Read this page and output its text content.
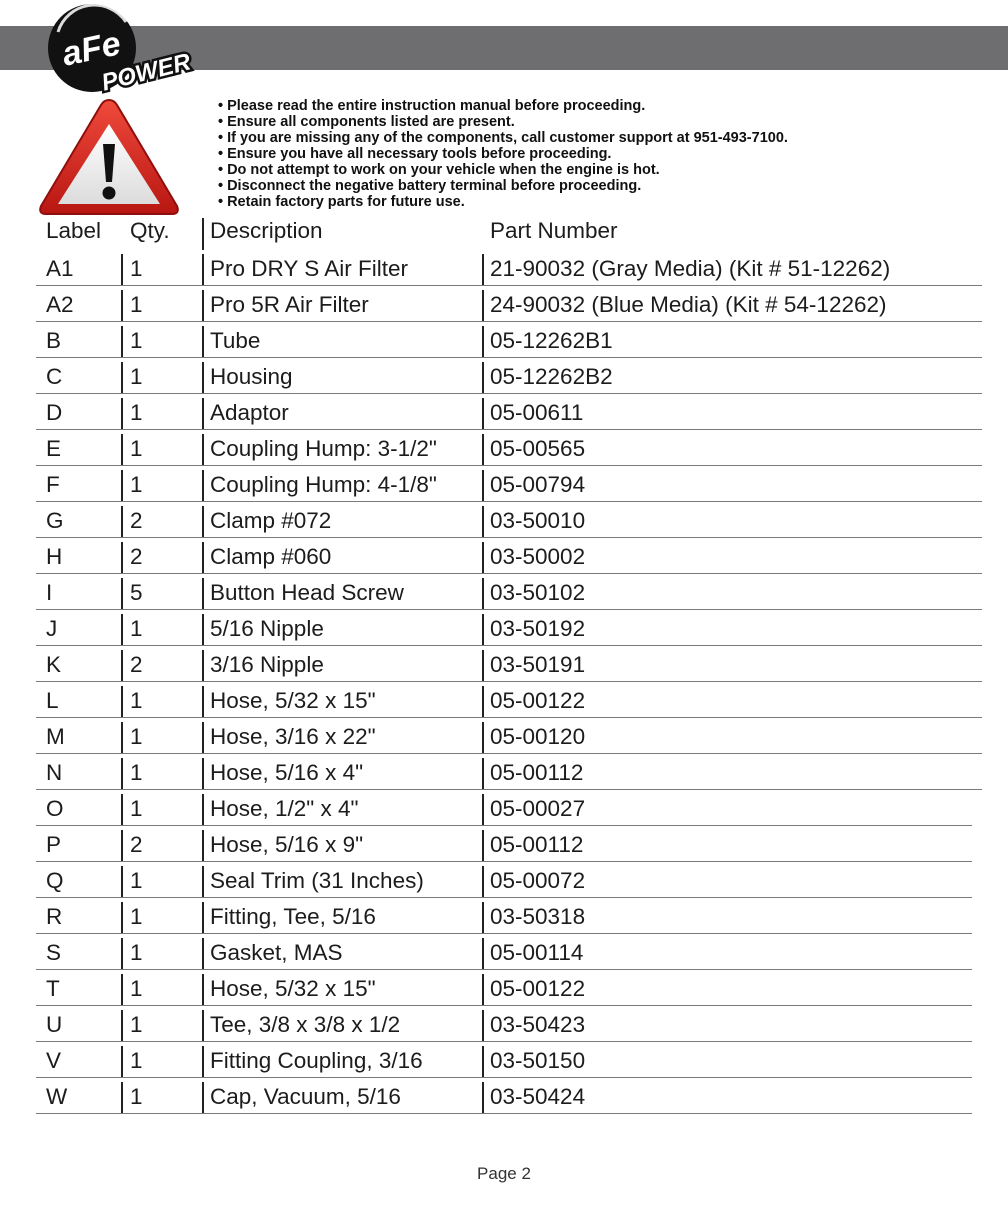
aFe
POWER
• Please read the entire instruction manual before proceeding.
• Ensure all components listed are present.
• If you are missing any of the components, call customer support at 951-493-7100.
• Ensure you have all necessary tools before proceeding.
• Do not attempt to work on your vehicle when the engine is hot.
• Disconnect the negative battery terminal before proceeding.
• Retain factory parts for future use.
Label Qty. Description	Part Number
A1	1	Pro DRY S Air Filter	21-90032 (Gray Media) (Kit # 51-12262)
A2	1	Pro 5R Air Filter	24-90032 (Blue Media) (Kit # 54-12262)
B	1	Tube	05-12262B1
C	1	Housing	05-12262B2
D	1	Adaptor	05-00611
E	1	Coupling Hump: 3-1/2" 05-00565
F	1	Coupling Hump: 4-1/8" 05-00794
G	2	Clamp #072	03-50010
H	2	Clamp #060	03-50002
I	5	Button Head Screw	03-50102
J	1	5/16 Nipple	03-50192
K	2	3/16 Nipple	03-50191
L	1	Hose, 5/32 x 15"	05-00122
M	1	Hose, 3/16 x 22"	05-00120
N	1	Hose, 5/16 x 4"	05-00112
O	1	Hose, 1/2" x 4"	05-00027
P	2	Hose, 5/16 x 9"	05-00112
Q	1	Seal Trim (31 Inches)	05-00072
R	1	Fitting, Tee, 5/16	03-50318
S	1	Gasket, MAS	05-00114
T	1	Hose, 5/32 x 15"	05-00122
U	1	Tee, 3/8 x 3/8 x 1/2	03-50423
V	1	Fitting Coupling, 3/16	03-50150
W	1	Cap, Vacuum, 5/16	03-50424
Page 2
